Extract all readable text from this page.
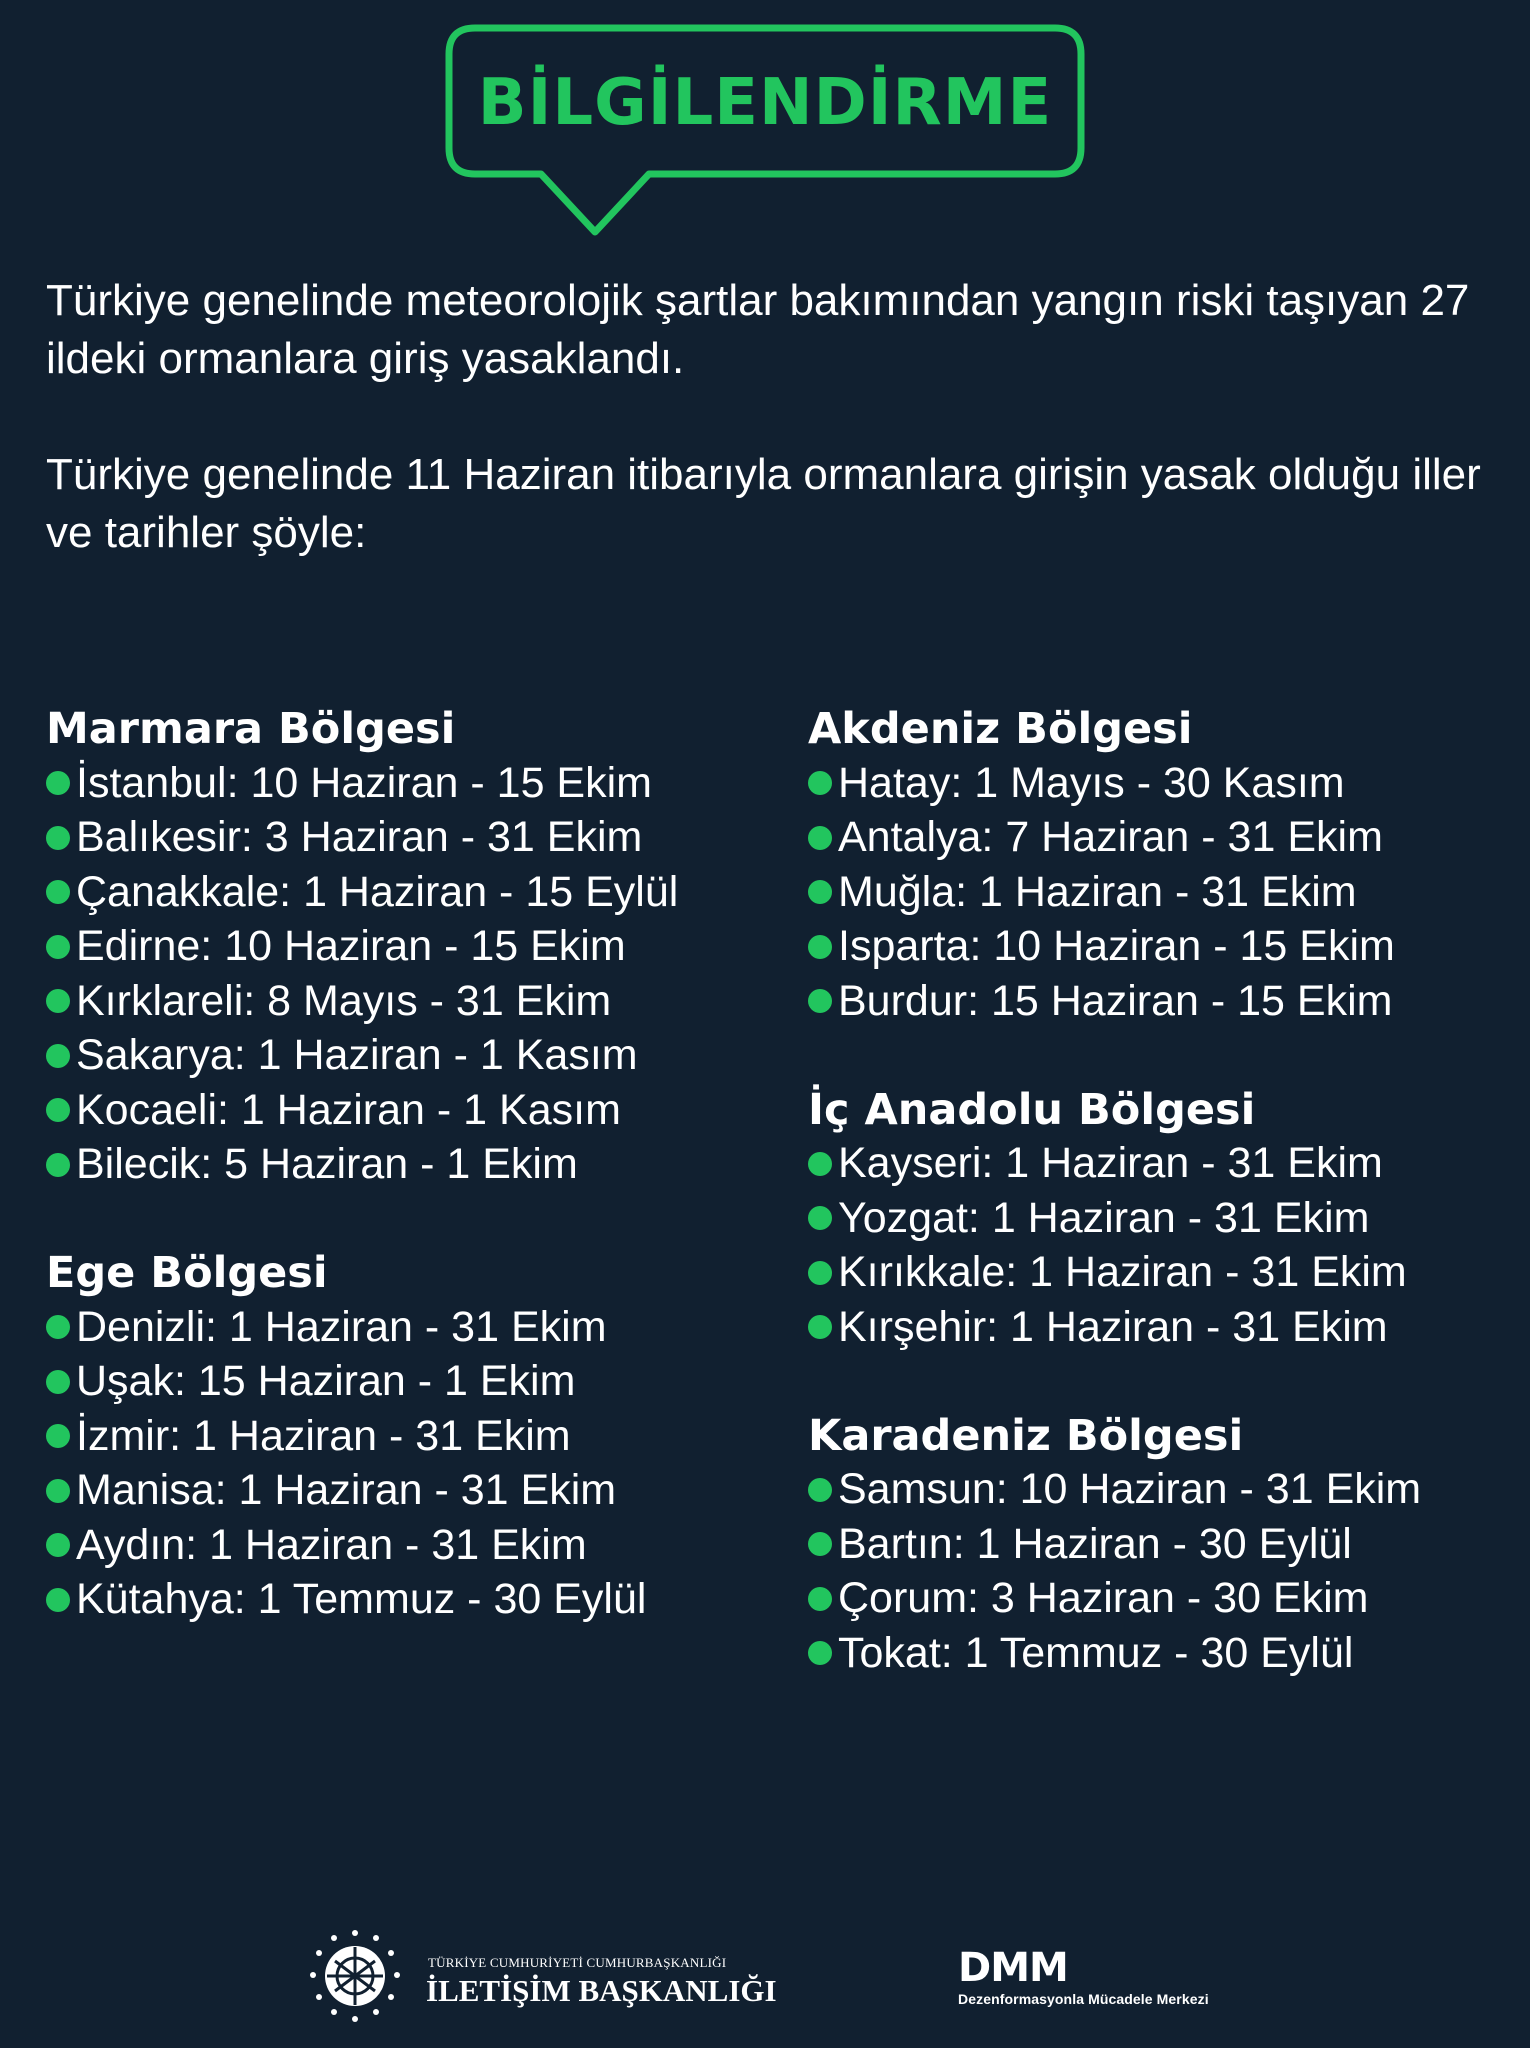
BİLGİLENDİRME
Türkiye genelinde meteorolojik şartlar bakımından yangın riski taşıyan 27 ildeki ormanlara giriş yasaklandı.
Türkiye genelinde 11 Haziran itibarıyla ormanlara girişin yasak olduğu iller ve tarihler şöyle:
Marmara Bölgesi
İstanbul: 10 Haziran - 15 Ekim
Balıkesir: 3 Haziran - 31 Ekim
Çanakkale: 1 Haziran - 15 Eylül
Edirne: 10 Haziran - 15 Ekim
Kırklareli: 8 Mayıs - 31 Ekim
Sakarya: 1 Haziran - 1 Kasım
Kocaeli: 1 Haziran - 1 Kasım
Bilecik: 5 Haziran - 1 Ekim
Ege Bölgesi
Denizli: 1 Haziran - 31 Ekim
Uşak: 15 Haziran - 1 Ekim
İzmir: 1 Haziran - 31 Ekim
Manisa: 1 Haziran - 31 Ekim
Aydın: 1 Haziran - 31 Ekim
Kütahya: 1 Temmuz - 30 Eylül
Akdeniz Bölgesi
Hatay: 1 Mayıs - 30 Kasım
Antalya: 7 Haziran - 31 Ekim
Muğla: 1 Haziran - 31 Ekim
Isparta: 10 Haziran - 15 Ekim
Burdur: 15 Haziran - 15 Ekim
İç Anadolu Bölgesi
Kayseri: 1 Haziran - 31 Ekim
Yozgat: 1 Haziran - 31 Ekim
Kırıkkale: 1 Haziran - 31 Ekim
Kırşehir: 1 Haziran - 31 Ekim
Karadeniz Bölgesi
Samsun: 10 Haziran - 31 Ekim
Bartın: 1 Haziran - 30 Eylül
Çorum: 3 Haziran - 30 Ekim
Tokat: 1 Temmuz - 30 Eylül
TÜRKİYE CUMHURİYETİ CUMHURBAŞKANLIĞI
İLETİŞİM BAŞKANLIĞI	DMM
Dezenformasyonla Mücadele Merkezi
